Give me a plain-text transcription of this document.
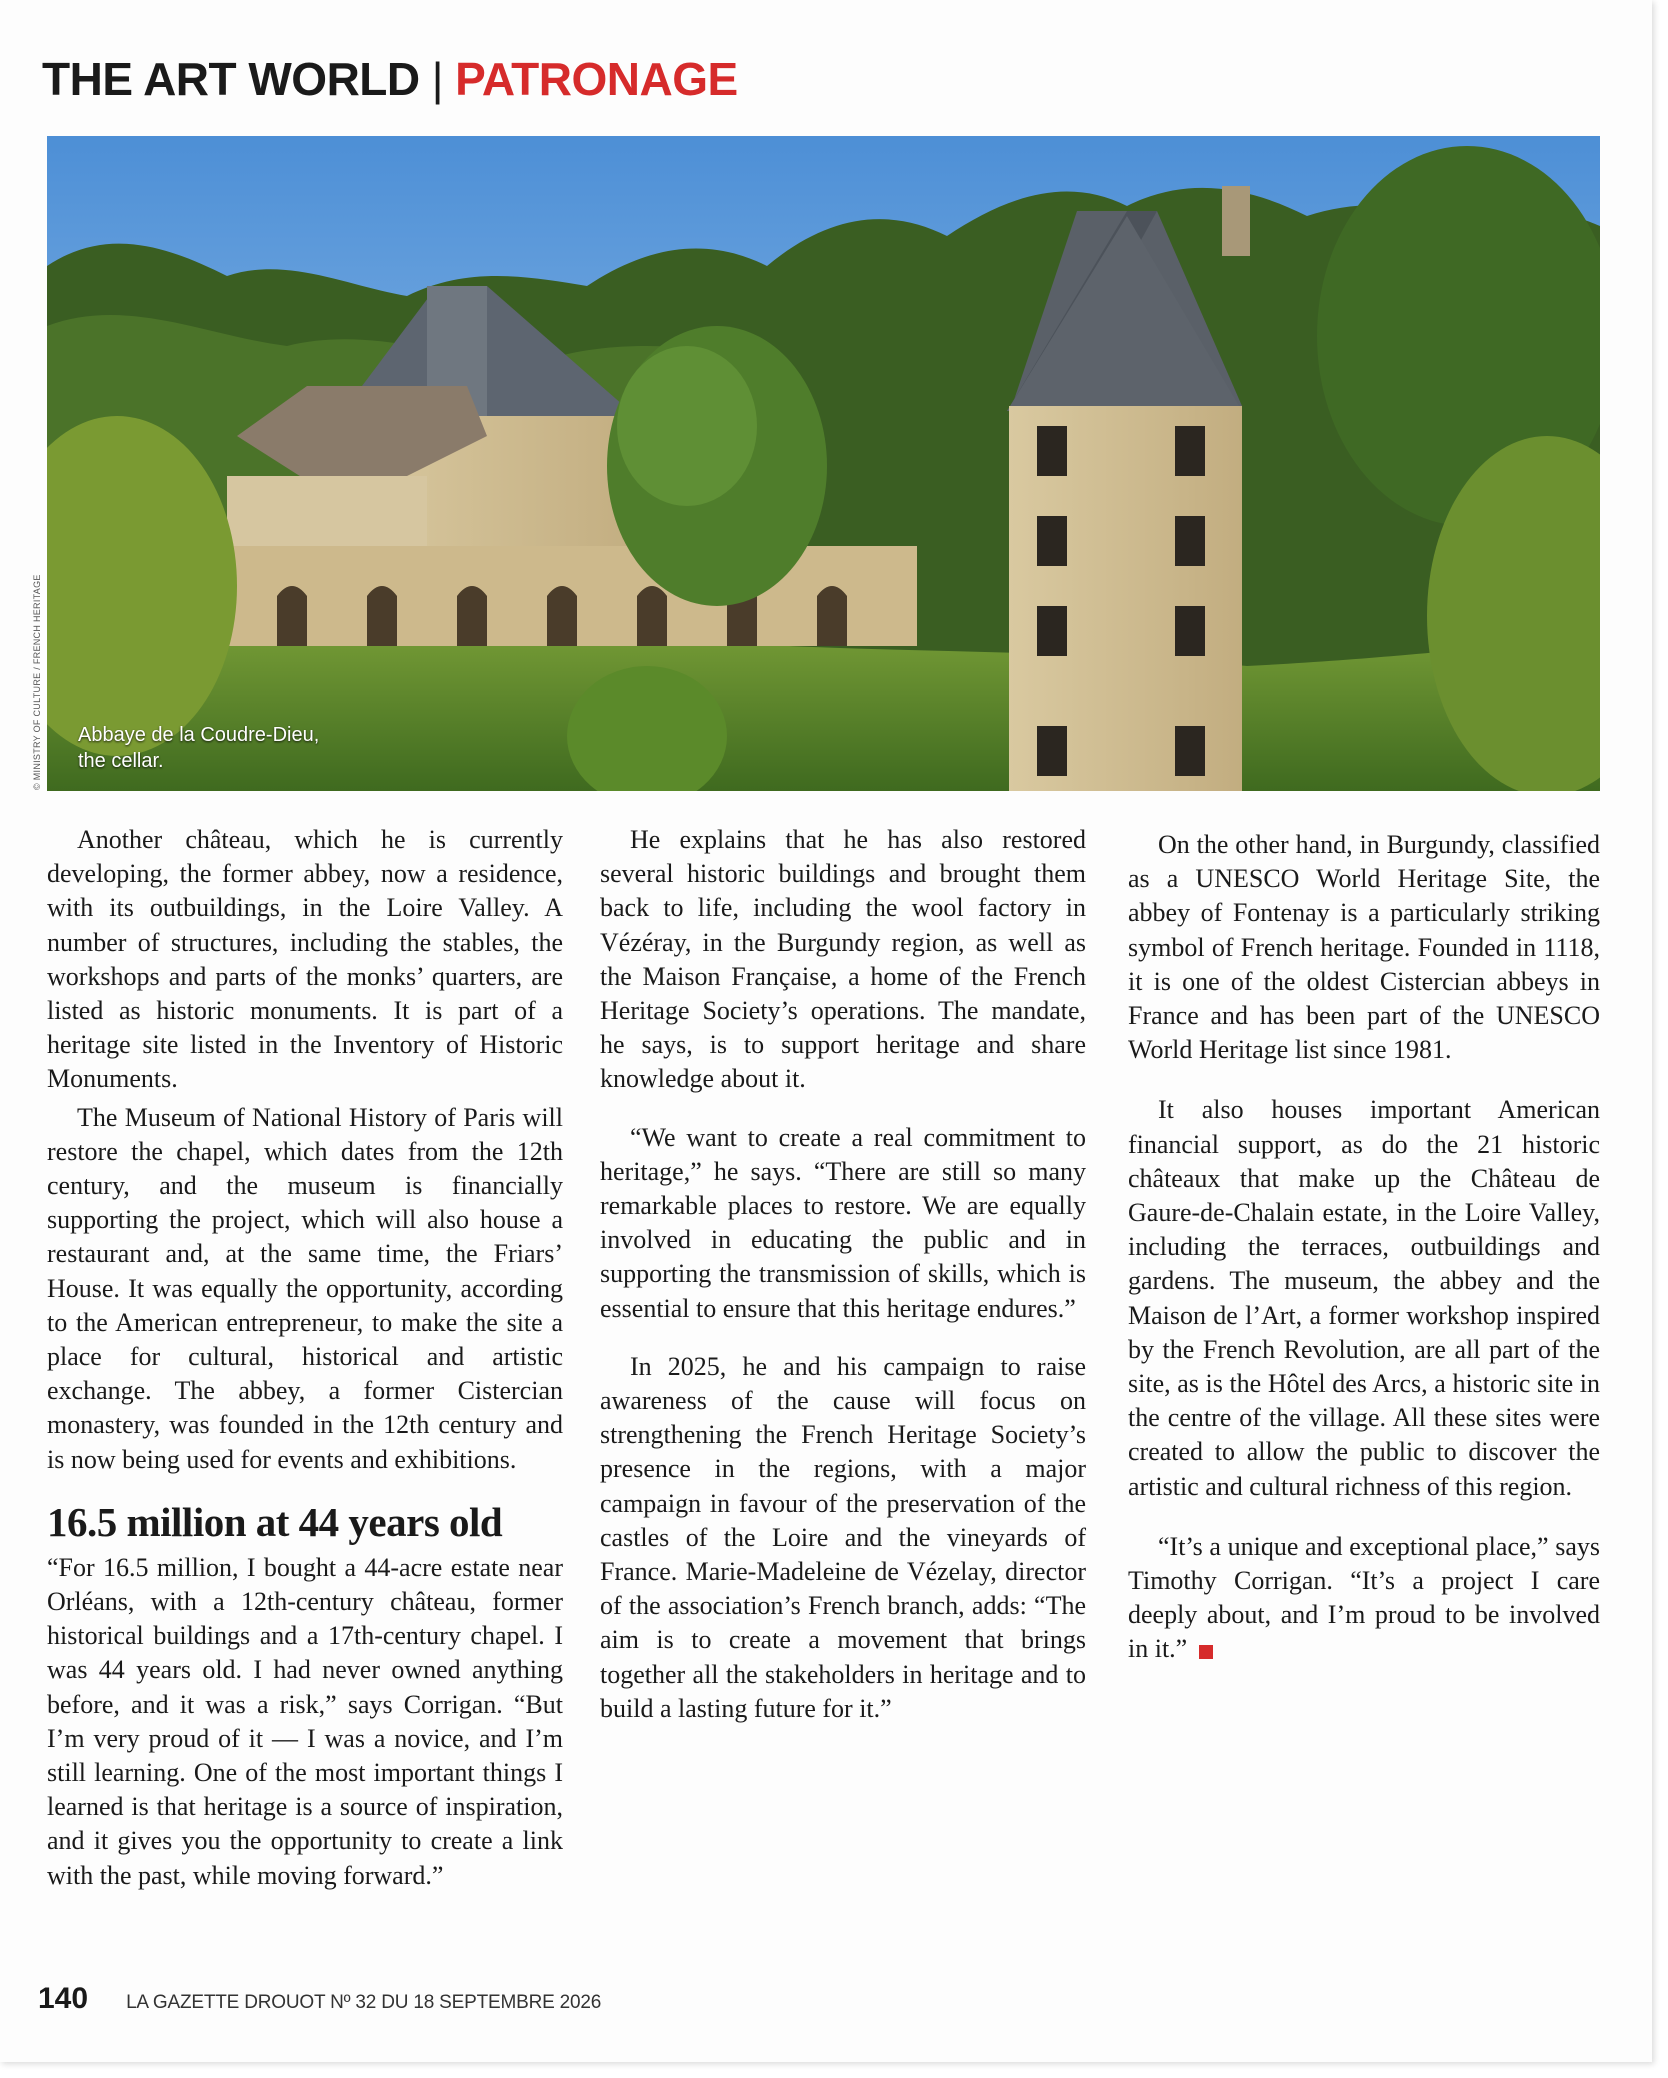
THE ART WORLD | PATRONAGE
Abbaye de la Coudre-Dieu,
the cellar.
© MINISTRY OF CULTURE / FRENCH HERITAGE

Another château, which he is currently developing, the former abbey, now a residence, with its outbuildings, in the Loire Valley. A number of structures, including the stables, the workshops and parts of the monks’ quarters, are listed as historic monuments. It is part of a heritage site listed in the Inventory of Historic Monuments.

The Museum of National History of Paris will restore the chapel, which dates from the 12th century, and the museum is financially supporting the project, which will also house a restaurant and, at the same time, the Friars’ House. It was equally the opportunity, according to the American entrepreneur, to make the site a place for cultural, historical and artistic exchange. The abbey, a former Cistercian monastery, was founded in the 12th century and is now being used for events and exhibitions.

16.5 million at 44 years old

“For 16.5 million, I bought a 44-acre estate near Orléans, with a 12th-century château, former historical buildings and a 17th-century chapel. I was 44 years old. I had never owned anything before, and it was a risk,” says Corrigan. “But I’m very proud of it — I was a novice, and I’m still learning. One of the most important things I learned is that heritage is a source of inspiration, and it gives you the opportunity to create a link with the past, while moving forward.”

He explains that he has also restored several historic buildings and brought them back to life, including the wool factory in Vézéray, in the Burgundy region, as well as the Maison Française, a home of the French Heritage Society’s operations. The mandate, he says, is to support heritage and share knowledge about it.

“We want to create a real commitment to heritage,” he says. “There are still so many remarkable places to restore. We are equally involved in educating the public and in supporting the transmission of skills, which is essential to ensure that this heritage endures.”

In 2025, he and his campaign to raise awareness of the cause will focus on strengthening the French Heritage Society’s presence in the regions, with a major campaign in favour of the preservation of the castles of the Loire and the vineyards of France. Marie-Madeleine de Vézelay, director of the association’s French branch, adds: “The aim is to create a movement that brings together all the stakeholders in heritage and to build a lasting future for it.”

On the other hand, in Burgundy, classified as a UNESCO World Heritage Site, the abbey of Fontenay is a particularly striking symbol of French heritage. Founded in 1118, it is one of the oldest Cistercian abbeys in France and has been part of the UNESCO World Heritage list since 1981.

It also houses important American financial support, as do the 21 historic châteaux that make up the Château de Gaure-de-Chalain estate, in the Loire Valley, including the terraces, outbuildings and gardens. The museum, the abbey and the Maison de l’Art, a former workshop inspired by the French Revolution, are all part of the site, as is the Hôtel des Arcs, a historic site in the centre of the village. All these sites were created to allow the public to discover the artistic and cultural richness of this region.

“It’s a unique and exceptional place,” says Timothy Corrigan. “It’s a project I care deeply about, and I’m proud to be involved in it.”

140 LA GAZETTE DROUOT Nº 32 DU 18 SEPTEMBRE 2026
